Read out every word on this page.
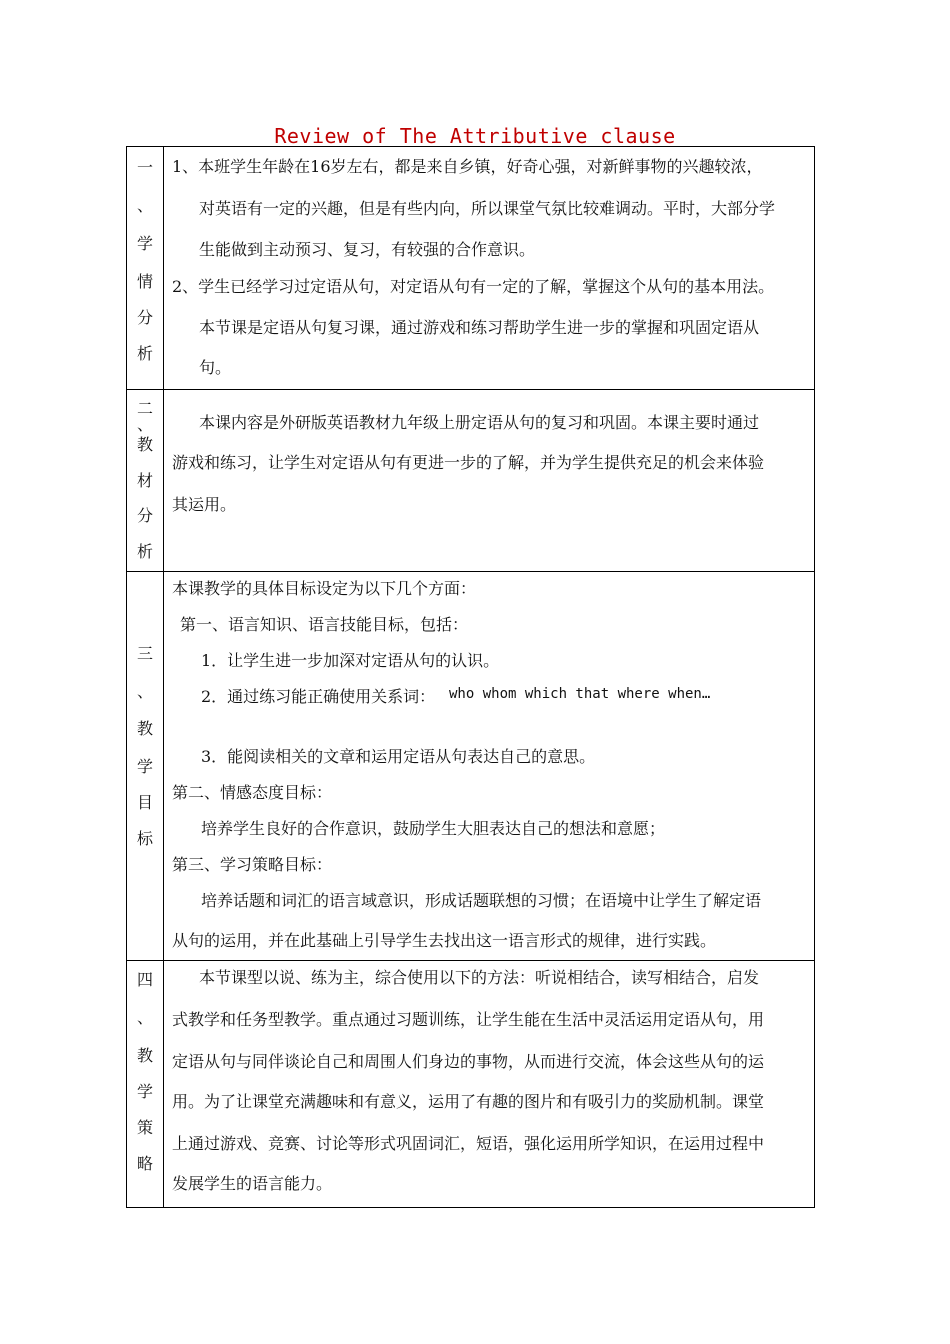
Review of The Attributive clause
一
、
学
情
分
析
1、本班学生年龄在16岁左右，都是来自乡镇，好奇心强，对新鲜事物的兴趣较浓，
对英语有一定的兴趣，但是有些内向，所以课堂气氛比较难调动。平时，大部分学
生能做到主动预习、复习，有较强的合作意识。
2、学生已经学习过定语从句，对定语从句有一定的了解，掌握这个从句的基本用法。
本节课是定语从句复习课，通过游戏和练习帮助学生进一步的掌握和巩固定语从
句。
二
、
教
材
分
析
本课内容是外研版英语教材九年级上册定语从句的复习和巩固。本课主要时通过
游戏和练习，让学生对定语从句有更进一步的了解，并为学生提供充足的机会来体验
其运用。
三
、
教
学
目
标
本课教学的具体目标设定为以下几个方面：
第一、语言知识、语言技能目标，包括：
1．让学生进一步加深对定语从句的认识。
2．通过练习能正确使用关系词： who whom which that where when…
3．能阅读相关的文章和运用定语从句表达自己的意思。
第二、情感态度目标：
培养学生良好的合作意识，鼓励学生大胆表达自己的想法和意愿；
第三、学习策略目标：
培养话题和词汇的语言域意识，形成话题联想的习惯；在语境中让学生了解定语
从句的运用，并在此基础上引导学生去找出这一语言形式的规律，进行实践。
四
、
教
学
策
略
本节课型以说、练为主，综合使用以下的方法：听说相结合，读写相结合，启发
式教学和任务型教学。重点通过习题训练，让学生能在生活中灵活运用定语从句，用
定语从句与同伴谈论自己和周围人们身边的事物，从而进行交流，体会这些从句的运
用。为了让课堂充满趣味和有意义，运用了有趣的图片和有吸引力的奖励机制。课堂
上通过游戏、竞赛、讨论等形式巩固词汇，短语，强化运用所学知识，在运用过程中
发展学生的语言能力。
